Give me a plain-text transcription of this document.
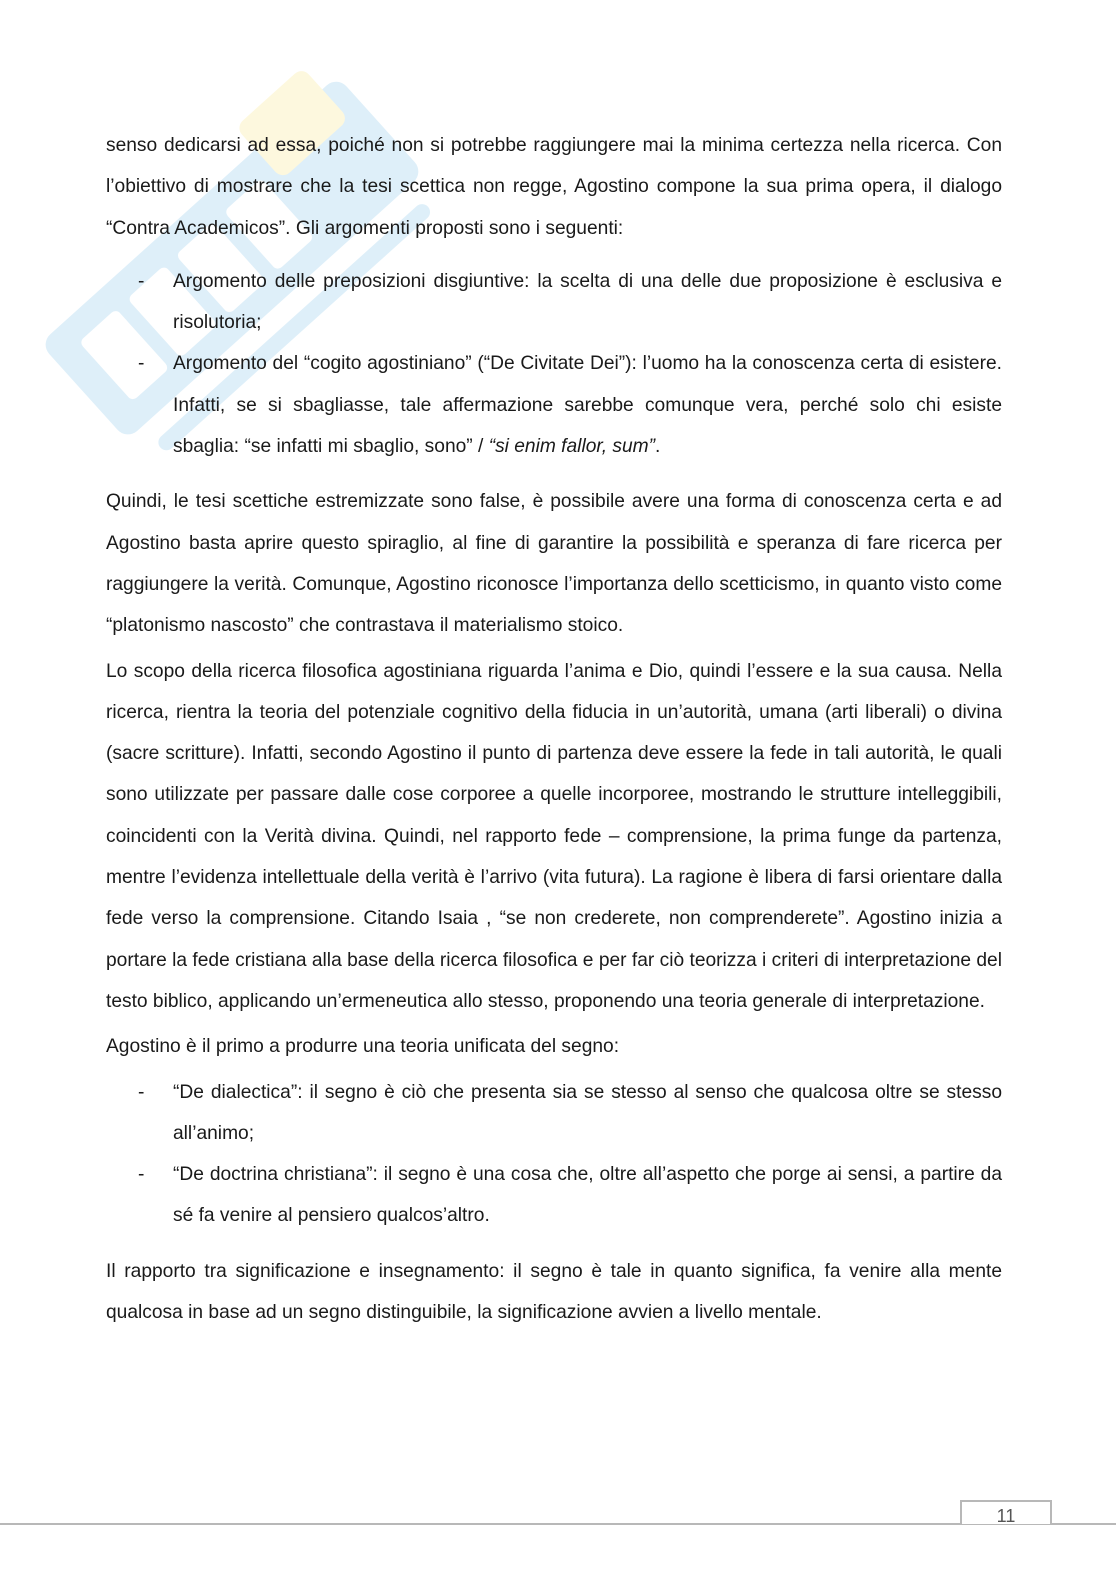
senso dedicarsi ad essa, poiché non si potrebbe raggiungere mai la minima certezza nella ricerca. Con l’obiettivo di mostrare che la tesi scettica non regge, Agostino compone la sua prima opera, il dialogo “Contra Academicos”. Gli argomenti proposti sono i seguenti:

- Argomento delle preposizioni disgiuntive: la scelta di una delle due proposizione è esclusiva e risolutoria;
- Argomento del “cogito agostiniano” (“De Civitate Dei”): l’uomo ha la conoscenza certa di esistere. Infatti, se si sbagliasse, tale affermazione sarebbe comunque vera, perché solo chi esiste sbaglia: “se infatti mi sbaglio, sono” / “si enim fallor, sum”.

Quindi, le tesi scettiche estremizzate sono false, è possibile avere una forma di conoscenza certa e ad Agostino basta aprire questo spiraglio, al fine di garantire la possibilità e speranza di fare ricerca per raggiungere la verità. Comunque, Agostino riconosce l’importanza dello scetticismo, in quanto visto come “platonismo nascosto” che contrastava il materialismo stoico.

Lo scopo della ricerca filosofica agostiniana riguarda l’anima e Dio, quindi l’essere e la sua causa. Nella ricerca, rientra la teoria del potenziale cognitivo della fiducia in un’autorità, umana (arti liberali) o divina (sacre scritture). Infatti, secondo Agostino il punto di partenza deve essere la fede in tali autorità, le quali sono utilizzate per passare dalle cose corporee a quelle incorporee, mostrando le strutture intelleggibili, coincidenti con la Verità divina. Quindi, nel rapporto fede – comprensione, la prima funge da partenza, mentre l’evidenza intellettuale della verità è l’arrivo (vita futura). La ragione è libera di farsi orientare dalla fede verso la comprensione. Citando Isaia , “se non crederete, non comprenderete”. Agostino inizia a portare la fede cristiana alla base della ricerca filosofica e per far ciò teorizza i criteri di interpretazione del testo biblico, applicando un’ermeneutica allo stesso, proponendo una teoria generale di interpretazione.

Agostino è il primo a produrre una teoria unificata del segno:

- “De dialectica”: il segno è ciò che presenta sia se stesso al senso che qualcosa oltre se stesso all’animo;
- “De doctrina christiana”: il segno è una cosa che, oltre all’aspetto che porge ai sensi, a partire da sé fa venire al pensiero qualcos’altro.

Il rapporto tra significazione e insegnamento: il segno è tale in quanto significa, fa venire alla mente qualcosa in base ad un segno distinguibile, la significazione avvien a livello mentale.

11
